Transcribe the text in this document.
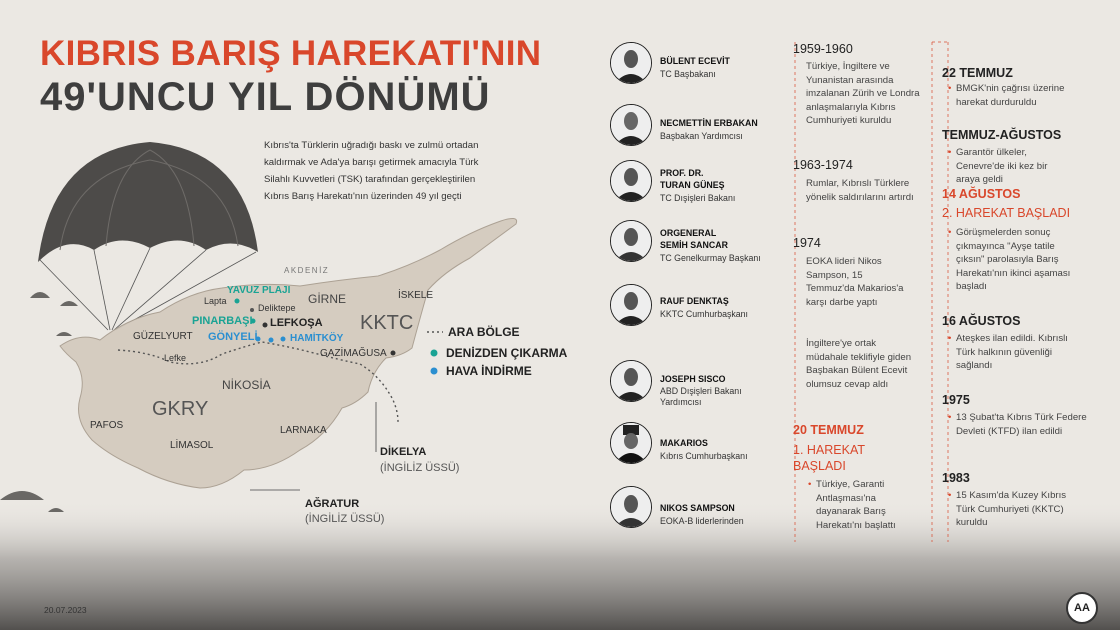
KIBRIS BARIŞ HAREKATI'NIN
49'UNCU YIL DÖNÜMÜ
Kıbrıs'ta Türklerin uğradığı baskı ve zulmü ortadan kaldırmak ve Ada'ya barışı getirmek amacıyla Türk Silahlı Kuvvetleri (TSK) tarafından gerçekleştirilen Kıbrıs Barış Harekatı'nın üzerinden 49 yıl geçti
AKDENİZ
KKTC
GKRY
YAVUZ PLAJI
Lapta
Deliktepe
GİRNE	İSKELE
PINARBAŞI LEFKOŞA
GÖNYELİ	HAMİTKÖY
GÜZELYURT
GAZİMAĞUSA
Lefke
NİKOSİA
PAFOS
LİMASOL
LARNAKA
DİKELYA
(İNGİLİZ ÜSSÜ)
AĞRATUR
(İNGİLİZ ÜSSÜ)
ARA BÖLGE
DENİZDEN ÇIKARMA
HAVA İNDİRME
BÜLENT ECEVİT
TC Başbakanı
NECMETTİN ERBAKAN
Başbakan Yardımcısı
PROF. DR.
TURAN GÜNEŞ
TC Dışişleri Bakanı
ORGENERAL
SEMİH SANCAR
TC Genelkurmay Başkanı
RAUF DENKTAŞ
KKTC Cumhurbaşkanı
JOSEPH SISCO
ABD Dışişleri Bakanı
Yardımcısı
MAKARIOS
Kıbrıs Cumhurbaşkanı
NIKOS SAMPSON
EOKA-B liderlerinden
1959-1960
Türkiye, İngiltere ve Yunanistan arasında imzalanan Zürih ve Londra anlaşmalarıyla Kıbrıs Cumhuriyeti kuruldu
1963-1974
Rumlar, Kıbrıslı Türklere yönelik saldırılarını artırdı
1974
EOKA lideri Nikos Sampson, 15 Temmuz'da Makarios'a karşı darbe yaptı
İngiltere'ye ortak müdahale teklifiyle giden Başbakan Bülent Ecevit olumsuz cevap aldı
20 TEMMUZ
1. HAREKAT BAŞLADI
• Türkiye, Garanti Antlaşması'na dayanarak Barış Harekatı'nı başlattı
22 TEMMUZ
• BMGK'nin çağrısı üzerine harekat durduruldu
TEMMUZ-AĞUSTOS
• Garantör ülkeler, Cenevre'de iki kez bir araya geldi
14 AĞUSTOS
2. HAREKAT BAŞLADI
• Görüşmelerden sonuç çıkmayınca "Ayşe tatile çıksın" parolasıyla Barış Harekatı'nın ikinci aşaması başladı
16 AĞUSTOS
• Ateşkes ilan edildi. Kıbrıslı Türk halkının güvenliği sağlandı
1975
• 13 Şubat'ta Kıbrıs Türk Federe Devleti (KTFD) ilan edildi
1983
• 15 Kasım'da Kuzey Kıbrıs Türk Cumhuriyeti (KKTC) kuruldu
20.07.2023	AA
